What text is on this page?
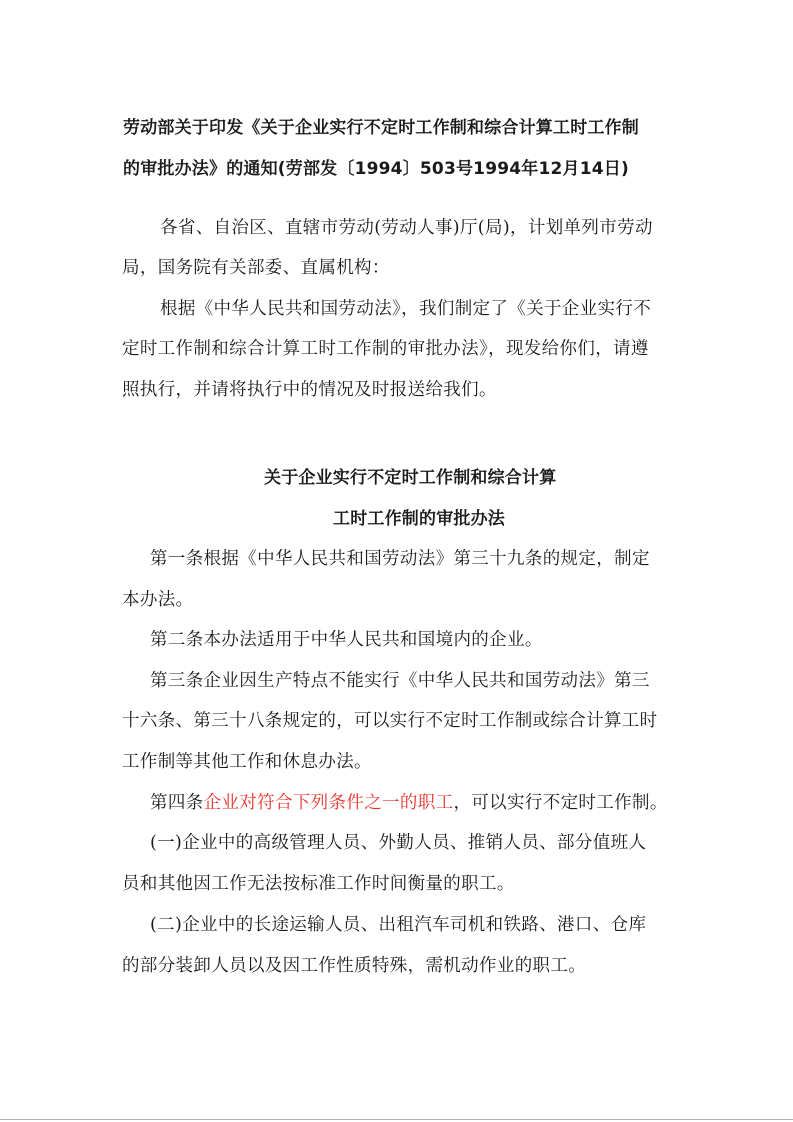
劳动部关于印发《关于企业实行不定时工作制和综合计算工时工作制
的审批办法》的通知(劳部发〔1994〕503号1994年12月14日)
各省、自治区、直辖市劳动(劳动人事)厅(局)，计划单列市劳动
局，国务院有关部委、直属机构：
根据《中华人民共和国劳动法》，我们制定了《关于企业实行不
定时工作制和综合计算工时工作制的审批办法》，现发给你们，请遵
照执行，并请将执行中的情况及时报送给我们。
关于企业实行不定时工作制和综合计算
工时工作制的审批办法
第一条根据《中华人民共和国劳动法》第三十九条的规定，制定
本办法。
第二条本办法适用于中华人民共和国境内的企业。
第三条企业因生产特点不能实行《中华人民共和国劳动法》第三
十六条、第三十八条规定的，可以实行不定时工作制或综合计算工时
工作制等其他工作和休息办法。
第四条企业对符合下列条件之一的职工，可以实行不定时工作制。
(一)企业中的高级管理人员、外勤人员、推销人员、部分值班人
员和其他因工作无法按标准工作时间衡量的职工。
(二)企业中的长途运输人员、出租汽车司机和铁路、港口、仓库
的部分装卸人员以及因工作性质特殊，需机动作业的职工。
